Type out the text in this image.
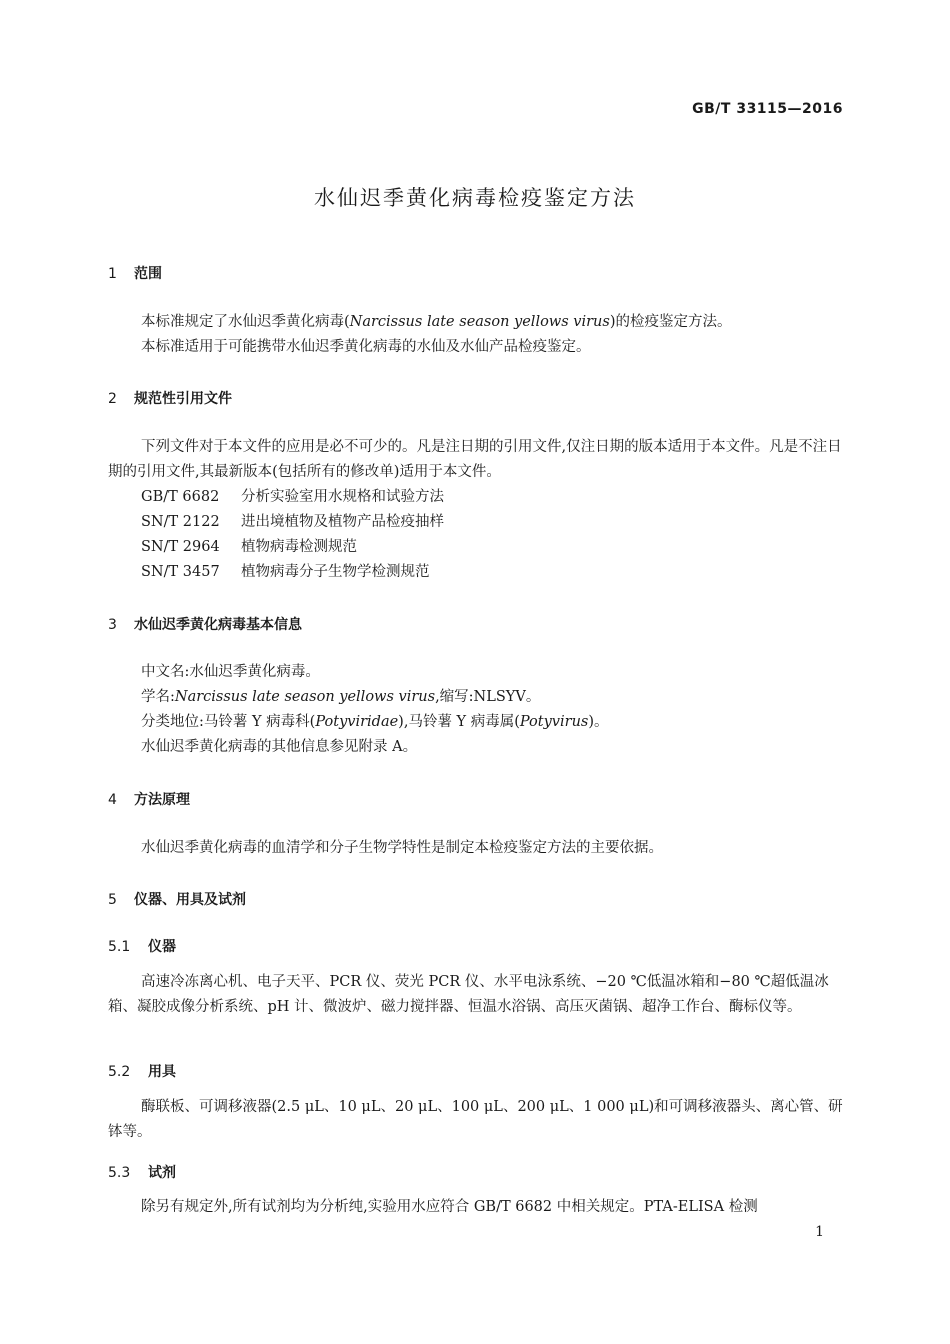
GB/T 33115—2016
水仙迟季黄化病毒检疫鉴定方法
1 范围
本标准规定了水仙迟季黄化病毒(Narcissus late season yellows virus)的检疫鉴定方法。
本标准适用于可能携带水仙迟季黄化病毒的水仙及水仙产品检疫鉴定。
2 规范性引用文件
下列文件对于本文件的应用是必不可少的。凡是注日期的引用文件,仅注日期的版本适用于本文件。凡是不注日期的引用文件,其最新版本(包括所有的修改单)适用于本文件。
GB/T 6682 分析实验室用水规格和试验方法
SN/T 2122 进出境植物及植物产品检疫抽样
SN/T 2964 植物病毒检测规范
SN/T 3457 植物病毒分子生物学检测规范
3 水仙迟季黄化病毒基本信息
中文名:水仙迟季黄化病毒。
学名:Narcissus late season yellows virus,缩写:NLSYV。
分类地位:马铃薯 Y 病毒科(Potyviridae),马铃薯 Y 病毒属(Potyvirus)。
水仙迟季黄化病毒的其他信息参见附录 A。
4 方法原理
水仙迟季黄化病毒的血清学和分子生物学特性是制定本检疫鉴定方法的主要依据。
5 仪器、用具及试剂
5.1 仪器
高速冷冻离心机、电子天平、PCR 仪、荧光 PCR 仪、水平电泳系统、−20 ℃低温冰箱和−80 ℃超低温冰箱、凝胶成像分析系统、pH 计、微波炉、磁力搅拌器、恒温水浴锅、高压灭菌锅、超净工作台、酶标仪等。
5.2 用具
酶联板、可调移液器(2.5 μL、10 μL、20 μL、100 μL、200 μL、1 000 μL)和可调移液器头、离心管、研钵等。
5.3 试剂
除另有规定外,所有试剂均为分析纯,实验用水应符合 GB/T 6682 中相关规定。PTA-ELISA 检测
1
